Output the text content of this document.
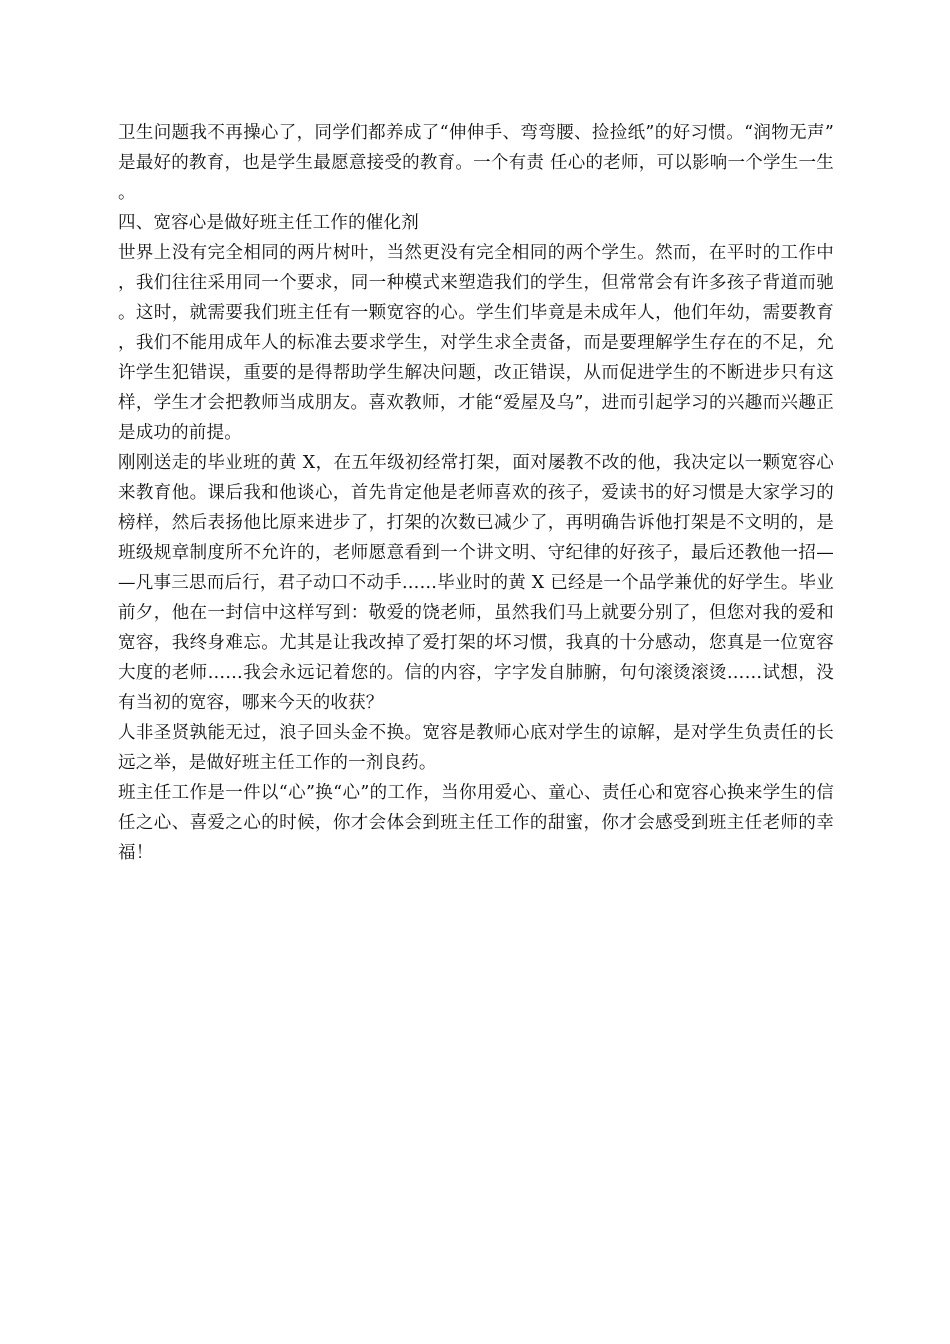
卫生问题我不再操心了，同学们都养成了“伸伸手、弯弯腰、捡捡纸”的好习惯。“润物无声”是最好的教育，也是学生最愿意接受的教育。一个有责 任心的老师，可以影响一个学生一生。

四、宽容心是做好班主任工作的催化剂

世界上没有完全相同的两片树叶，当然更没有完全相同的两个学生。然而，在平时的工作中，我们往往采用同一个要求，同一种模式来塑造我们的学生，但常常会有许多孩子背道而驰。这时，就需要我们班主任有一颗宽容的心。学生们毕竟是未成年人，他们年幼，需要教育，我们不能用成年人的标准去要求学生，对学生求全责备，而是要理解学生存在的不足，允许学生犯错误，重要的是得帮助学生解决问题，改正错误，从而促进学生的不断进步只有这样，学生才会把教师当成朋友。喜欢教师，才能“爱屋及乌”，进而引起学习的兴趣而兴趣正是成功的前提。

刚刚送走的毕业班的黄 X，在五年级初经常打架，面对屡教不改的他，我决定以一颗宽容心来教育他。课后我和他谈心，首先肯定他是老师喜欢的孩子，爱读书的好习惯是大家学习的榜样，然后表扬他比原来进步了，打架的次数已减少了，再明确告诉他打架是不文明的，是班级规章制度所不允许的，老师愿意看到一个讲文明、守纪律的好孩子，最后还教他一招——凡事三思而后行，君子动口不动手……毕业时的黄 X 已经是一个品学兼优的好学生。毕业前夕，他在一封信中这样写到：敬爱的饶老师，虽然我们马上就要分别了，但您对我的爱和宽容，我终身难忘。尤其是让我改掉了爱打架的坏习惯，我真的十分感动，您真是一位宽容大度的老师……我会永远记着您的。信的内容，字字发自肺腑，句句滚烫滚烫……试想，没有当初的宽容，哪来今天的收获？

人非圣贤孰能无过，浪子回头金不换。宽容是教师心底对学生的谅解，是对学生负责任的长远之举，是做好班主任工作的一剂良药。

班主任工作是一件以“心”换“心”的工作，当你用爱心、童心、责任心和宽容心换来学生的信任之心、喜爱之心的时候，你才会体会到班主任工作的甜蜜，你才会感受到班主任老师的幸福！
